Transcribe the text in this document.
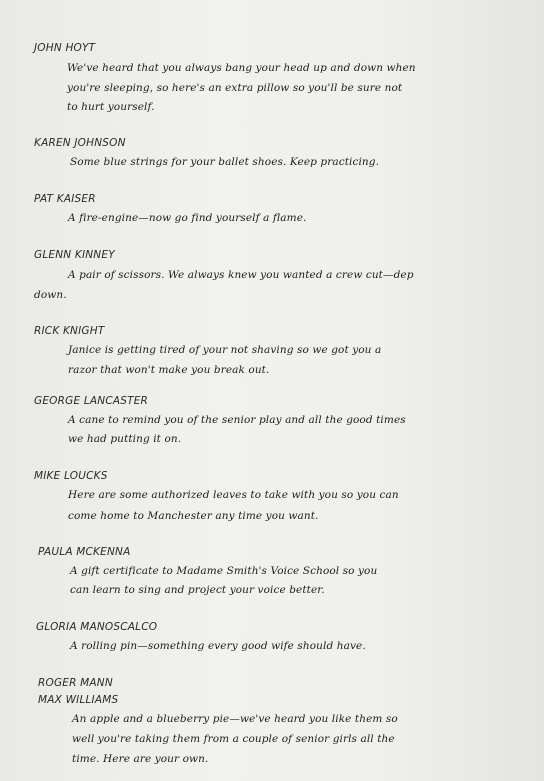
JOHN HOYT
We've heard that you always bang your head up and down when
you're sleeping, so here's an extra pillow so you'll be sure not
to hurt yourself.
KAREN JOHNSON
Some blue strings for your ballet shoes. Keep practicing.
PAT KAISER
A fire-engine—now go find yourself a flame.
GLENN KINNEY
A pair of scissors. We always knew you wanted a crew cut—dep
down.
RICK KNIGHT
Janice is getting tired of your not shaving so we got you a
razor that won't make you break out.
GEORGE LANCASTER
A cane to remind you of the senior play and all the good times
we had putting it on.
MIKE LOUCKS
Here are some authorized leaves to take with you so you can
come home to Manchester any time you want.
PAULA MCKENNA
A gift certificate to Madame Smith's Voice School so you
can learn to sing and project your voice better.
GLORIA MANOSCALCO
A rolling pin—something every good wife should have.
ROGER MANN
MAX WILLIAMS
An apple and a blueberry pie—we've heard you like them so
well you're taking them from a couple of senior girls all the
time. Here are your own.
